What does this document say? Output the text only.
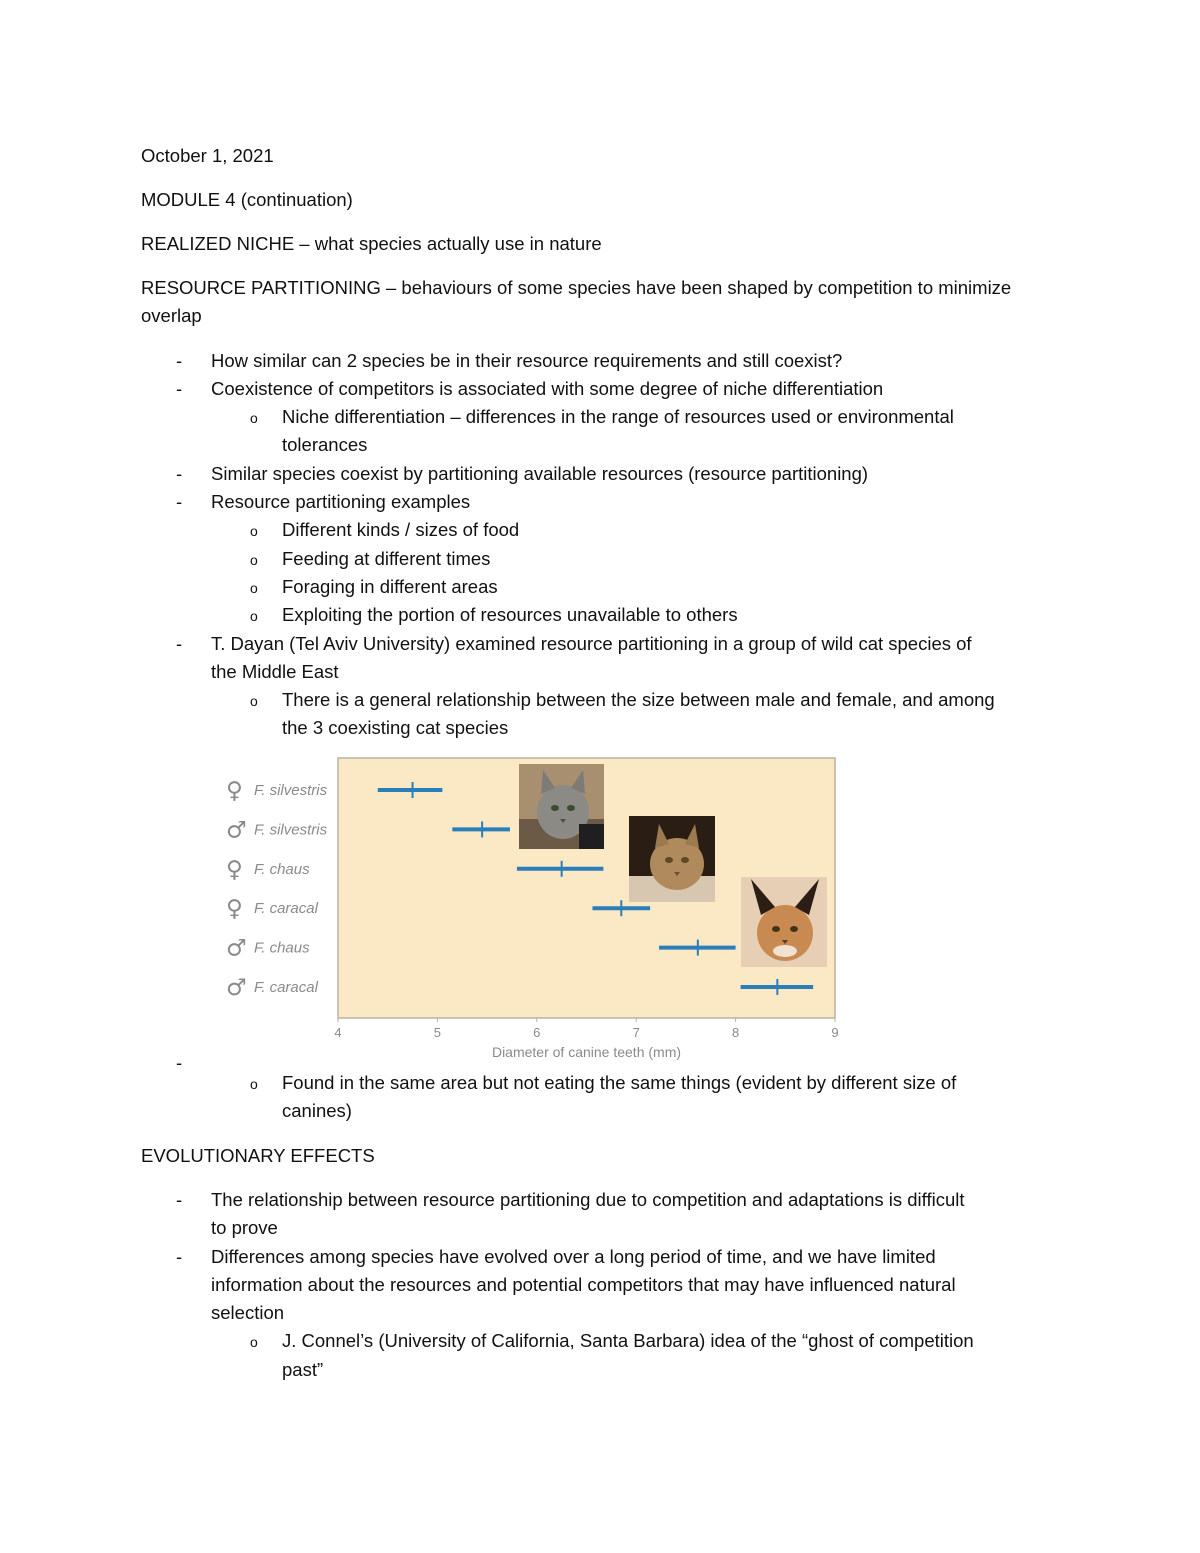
October 1, 2021
MODULE 4 (continuation)
REALIZED NICHE – what species actually use in nature
RESOURCE PARTITIONING – behaviours of some species have been shaped by competition to minimize
overlap
- How similar can 2 species be in their resource requirements and still coexist?
- Coexistence of competitors is associated with some degree of niche differentiation
o Niche differentiation – differences in the range of resources used or environmental
tolerances
- Similar species coexist by partitioning available resources (resource partitioning)
- Resource partitioning examples
o Different kinds / sizes of food
o Feeding at different times
o Foraging in different areas
o Exploiting the portion of resources unavailable to others
- T. Dayan (Tel Aviv University) examined resource partitioning in a group of wild cat species of
the Middle East
o There is a general relationship between the size between male and female, and among
the 3 coexisting cat species
♀ F. silvestris
♂ F. silvestris
♀ F. chaus
♀ F. caracal
♂ F. chaus
♂ F. caracal
4	5	6	7	8	9
Diameter of canine teeth (mm)
-
o Found in the same area but not eating the same things (evident by different size of
canines)
EVOLUTIONARY EFFECTS
- The relationship between resource partitioning due to competition and adaptations is difficult
to prove
- Differences among species have evolved over a long period of time, and we have limited
information about the resources and potential competitors that may have influenced natural
selection
o J. Connel’s (University of California, Santa Barbara) idea of the “ghost of competition
past”
